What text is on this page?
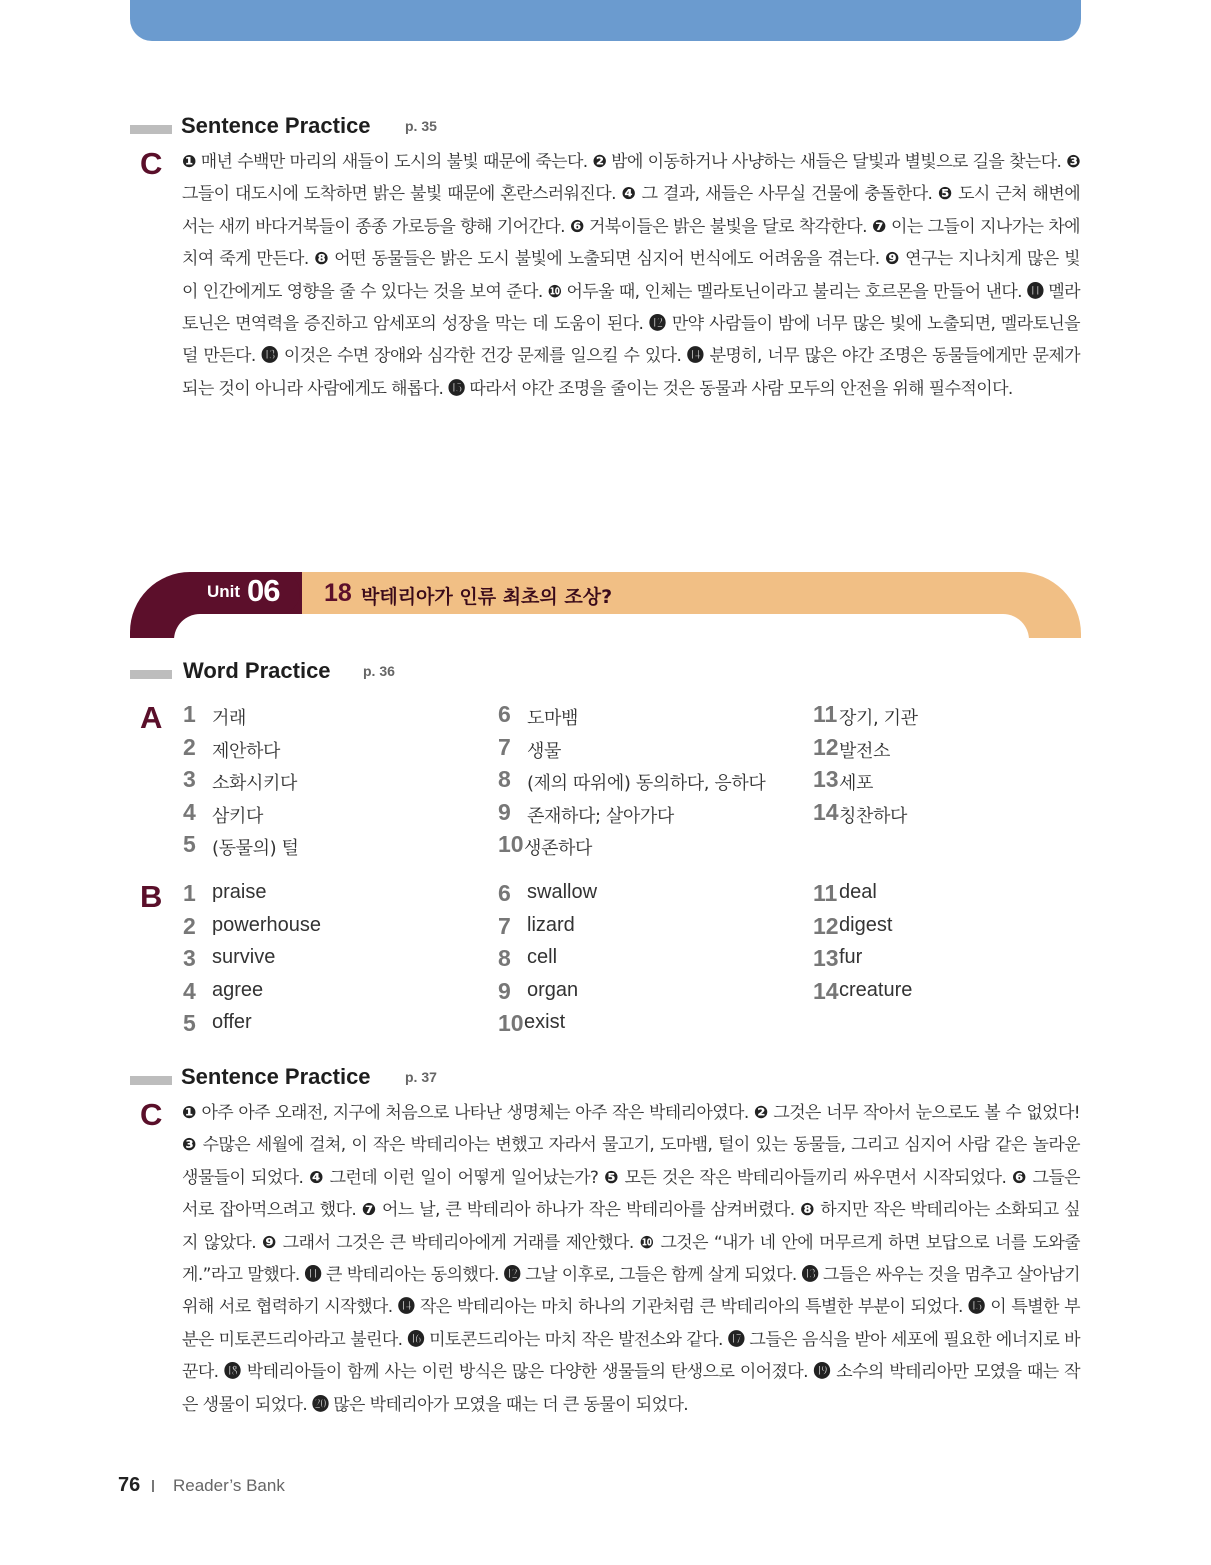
Sentence Practice p. 35
C ❶ 매년 수백만 마리의 새들이 도시의 불빛 때문에 죽는다. ❷ 밤에 이동하거나 사냥하는 새들은 달빛과 별빛으로 길을 찾는다. ❸ 그들이 대도시에 도착하면 밝은 불빛 때문에 혼란스러워진다. ❹ 그 결과, 새들은 사무실 건물에 충돌한다. ❺ 도시 근처 해변에서는 새끼 바다거북들이 종종 가로등을 향해 기어간다. ❻ 거북이들은 밝은 불빛을 달로 착각한다. ❼ 이는 그들이 지나가는 차에 치여 죽게 만든다. ❽ 어떤 동물들은 밝은 도시 불빛에 노출되면 심지어 번식에도 어려움을 겪는다. ❾ 연구는 지나치게 많은 빛이 인간에게도 영향을 줄 수 있다는 것을 보여 준다. ❿ 어두울 때, 인체는 멜라토닌이라고 불리는 호르몬을 만들어 낸다. ⓫ 멜라토닌은 면역력을 증진하고 암세포의 성장을 막는 데 도움이 된다. ⓬ 만약 사람들이 밤에 너무 많은 빛에 노출되면, 멜라토닌을 덜 만든다. ⓭ 이것은 수면 장애와 심각한 건강 문제를 일으킬 수 있다. ⓮ 분명히, 너무 많은 야간 조명은 동물들에게만 문제가 되는 것이 아니라 사람에게도 해롭다. ⓯ 따라서 야간 조명을 줄이는 것은 동물과 사람 모두의 안전을 위해 필수적이다.
Unit 06 18 박테리아가 인류 최초의 조상?
Word Practice p. 36
A 1 거래
2 제안하다
3 소화시키다
4 삼키다
5 (동물의) 털
6 도마뱀
7 생물
8 (제의 따위에) 동의하다, 응하다
9 존재하다; 살아가다
10 생존하다
11 장기, 기관
12 발전소
13 세포
14 칭찬하다
B 1 praise
2 powerhouse
3 survive
4 agree
5 offer
6 swallow
7 lizard
8 cell
9 organ
10 exist
11 deal
12 digest
13 fur
14 creature
Sentence Practice p. 37
C ❶ 아주 아주 오래전, 지구에 처음으로 나타난 생명체는 아주 작은 박테리아였다. ❷ 그것은 너무 작아서 눈으로도 볼 수 없었다! ❸ 수많은 세월에 걸쳐, 이 작은 박테리아는 변했고 자라서 물고기, 도마뱀, 털이 있는 동물들, 그리고 심지어 사람 같은 놀라운 생물들이 되었다. ❹ 그런데 이런 일이 어떻게 일어났는가? ❺ 모든 것은 작은 박테리아들끼리 싸우면서 시작되었다. ❻ 그들은 서로 잡아먹으려고 했다. ❼ 어느 날, 큰 박테리아 하나가 작은 박테리아를 삼켜버렸다. ❽ 하지만 작은 박테리아는 소화되고 싶지 않았다. ❾ 그래서 그것은 큰 박테리아에게 거래를 제안했다. ❿ 그것은 “내가 네 안에 머무르게 하면 보답으로 너를 도와줄게.”라고 말했다. ⓫ 큰 박테리아는 동의했다. ⓬ 그날 이후로, 그들은 함께 살게 되었다. ⓭ 그들은 싸우는 것을 멈추고 살아남기 위해 서로 협력하기 시작했다. ⓮ 작은 박테리아는 마치 하나의 기관처럼 큰 박테리아의 특별한 부분이 되었다. ⓯ 이 특별한 부분은 미토콘드리아라고 불린다. ⓰ 미토콘드리아는 마치 작은 발전소와 같다. ⓱ 그들은 음식을 받아 세포에 필요한 에너지로 바꾼다. ⓲ 박테리아들이 함께 사는 이런 방식은 많은 다양한 생물들의 탄생으로 이어졌다. ⓳ 소수의 박테리아만 모였을 때는 작은 생물이 되었다. ⓴ 많은 박테리아가 모였을 때는 더 큰 동물이 되었다.
76 Reader’s Bank
